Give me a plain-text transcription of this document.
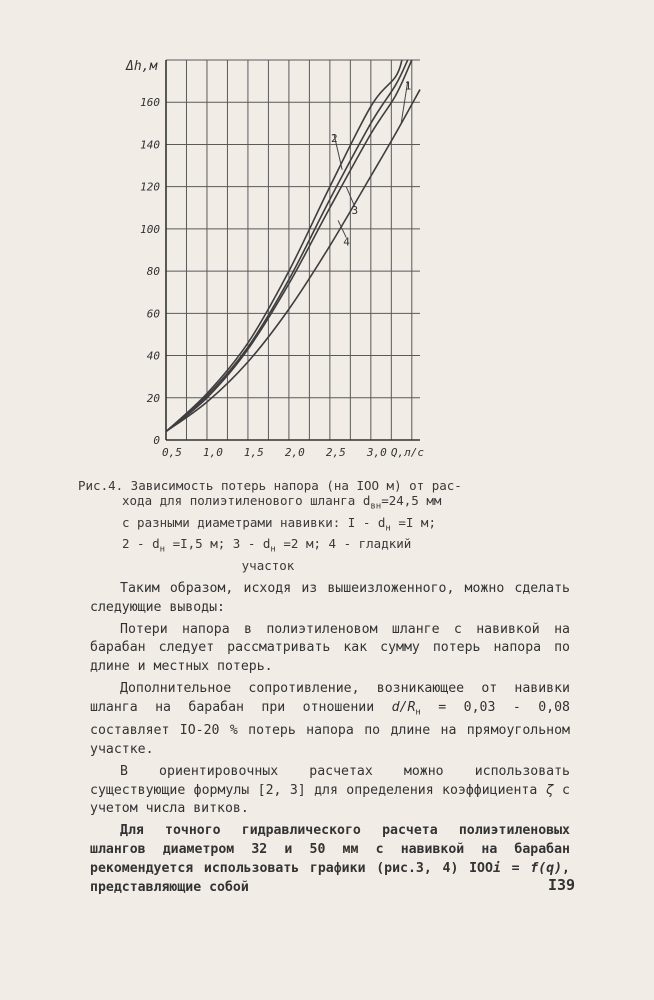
0,5 1,0 1,5 2,0 2,5 3,0
0
20
40
60
80
100
120
140
160
1
2
3
4
Δh,м
Q,л/с
Рис.4. Зависимость потерь напора (на IOO м) от рас-
хода для полиэтиленового шланга $d_{вн}=24,5$ мм
с разными диаметрами навивки: $I - d_н =I$ м;
$2 - d_н =I,5$ м; $3 - d_н =2$ м; 4 - гладкий
участок

Таким образом, исходя из вышеизложенного, можно сделать следующие выводы:

Потери напора в полиэтиленовом шланге с навивкой на барабан следует рассматривать как сумму потерь напора по длине и местных потерь.

Дополнительное сопротивление, возникающее от навивки шланга на барабан при отношении $d/R_н = 0,03 - 0,08$ составляет IO-20 % потерь напора по длине на прямоугольном участке.

В ориентировочных расчетах можно использовать существующие формулы [2, 3] для определения коэффициента ζ с учетом числа витков.

Для точного гидравлического расчета полиэтиленовых шлангов диаметром 32 и 50 мм с навивкой на барабан рекомендуется использовать графики (рис.3, 4) IOOi = f(q), представляющие собой	I39
